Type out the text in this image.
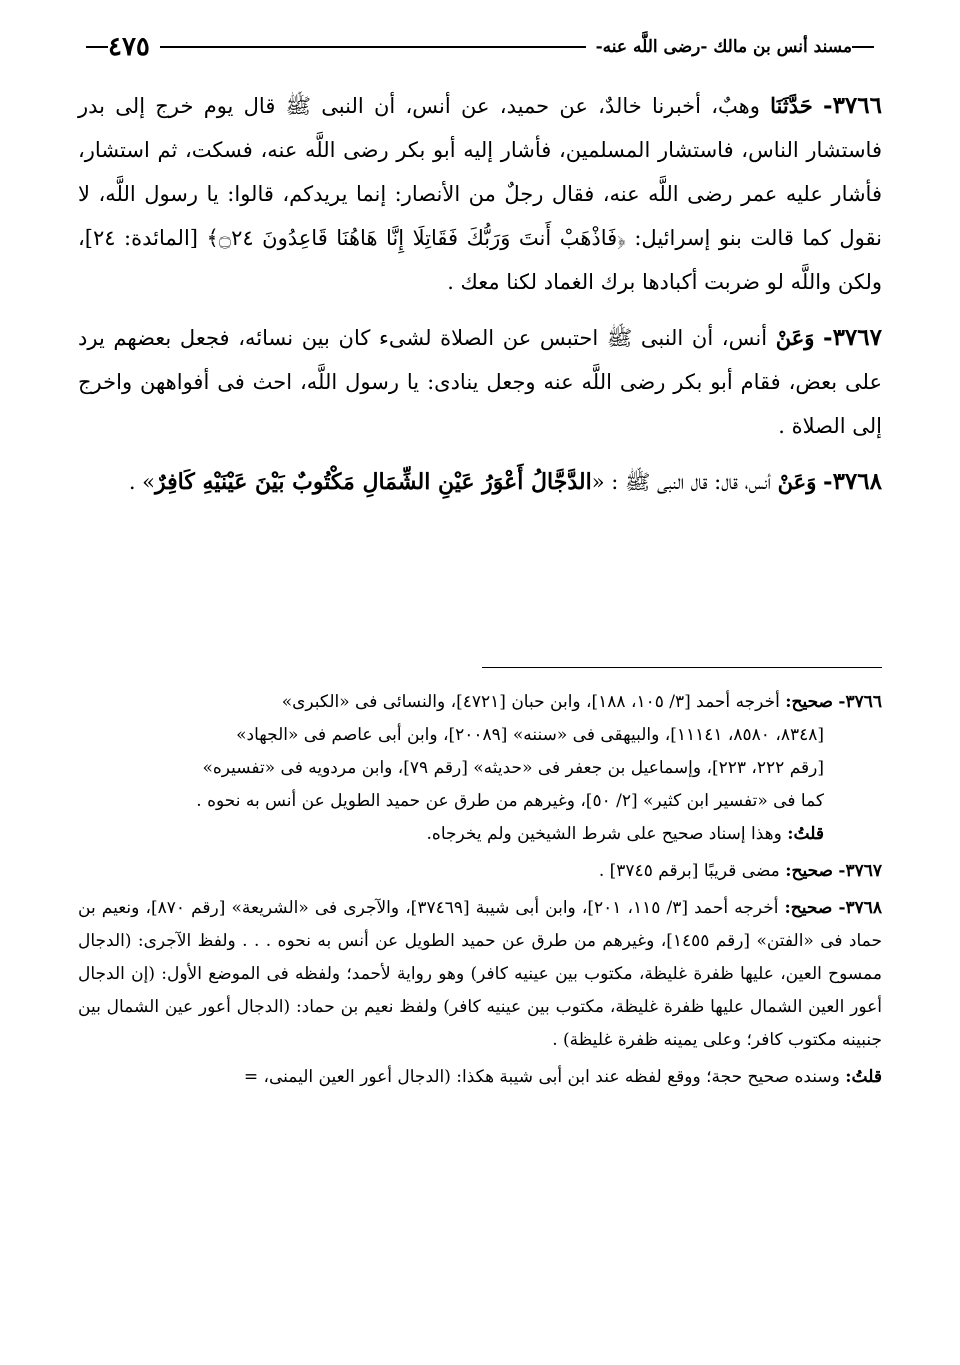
مسند أنس بن مالك -رضى اللَّه عنه-
٤٧٥

٣٧٦٦- حَدَّثَنَا وهبٌ، أخبرنا خالدٌ، عن حميد، عن أنس، أن النبى ﷺ قال يوم خرج إلى بدر فاستشار الناس، فاستشار المسلمين، فأشار إليه أبو بكر رضى اللَّه عنه، فسكت، ثم استشار، فأشار عليه عمر رضى اللَّه عنه، فقال رجلٌ من الأنصار: إنما يريدكم، قالوا: يا رسول اللَّه، لا نقول كما قالت بنو إسرائيل: ﴿فَاذْهَبْ أَنتَ وَرَبُّكَ فَقَاتِلَا إِنَّا هَاهُنَا قَاعِدُونَ ۝٢٤﴾ [المائدة: ٢٤]، ولكن واللَّه لو ضربت أكبادها برك الغماد لكنا معك .

٣٧٦٧- وَعَنْ أنس، أن النبى ﷺ احتبس عن الصلاة لشىء كان بين نسائه، فجعل بعضهم يرد على بعض، فقام أبو بكر رضى اللَّه عنه وجعل ينادى: يا رسول اللَّه، احث فى أفواههن واخرج إلى الصلاة .

٣٧٦٨- وَعَنْ أنس، قال: قال النبى ﷺ : «الدَّجَّالُ أَعْوَرُ عَيْنِ الشِّمَالِ مَكْتُوبٌ بَيْنَ عَيْنَيْهِ كَافِرٌ» .

٣٧٦٦- صحيح: أخرجه أحمد [٣/ ١٠٥، ١٨٨]، وابن حبان [٤٧٢١]، والنسائى فى «الكبرى»
[٨٣٤٨، ٨٥٨٠، ١١١٤١]، والبيهقى فى «سننه» [٢٠٠٨٩]، وابن أبى عاصم فى «الجهاد»
[رقم ٢٢٢، ٢٢٣]، وإسماعيل بن جعفر فى «حديثه» [رقم ٧٩]، وابن مردويه فى «تفسيره»
كما فى «تفسير ابن كثير» [٢/ ٥٠]، وغيرهم من طرق عن حميد الطويل عن أنس به نحوه .
قلتُ: وهذا إسناد صحيح على شرط الشيخين ولم يخرجاه.
٣٧٦٧- صحيح: مضى قريبًا [برقم ٣٧٤٥] .
٣٧٦٨- صحيح: أخرجه أحمد [٣/ ١١٥، ٢٠١]، وابن أبى شيبة [٣٧٤٦٩]، والآجرى فى «الشريعة» [رقم ٨٧٠]، ونعيم بن حماد فى «الفتن» [رقم ١٤٥٥]، وغيرهم من طرق عن حميد الطويل عن أنس به نحوه . . . ولفظ الآجرى: (الدجال ممسوح العين، عليها ظفرة غليظة، مكتوب بين عينيه كافر) وهو رواية لأحمد؛ ولفظه فى الموضع الأول: (إن الدجال أعور العين الشمال عليها ظفرة غليظة، مكتوب بين عينيه كافر) ولفظ نعيم بن حماد: (الدجال أعور عين الشمال بين جنبينه مكتوب كافر؛ وعلى يمينه ظفرة غليظة) .
قلتُ: وسنده صحيح حجة؛ ووقع لفظه عند ابن أبى شيبة هكذا: (الدجال أعور العين اليمنى، =
